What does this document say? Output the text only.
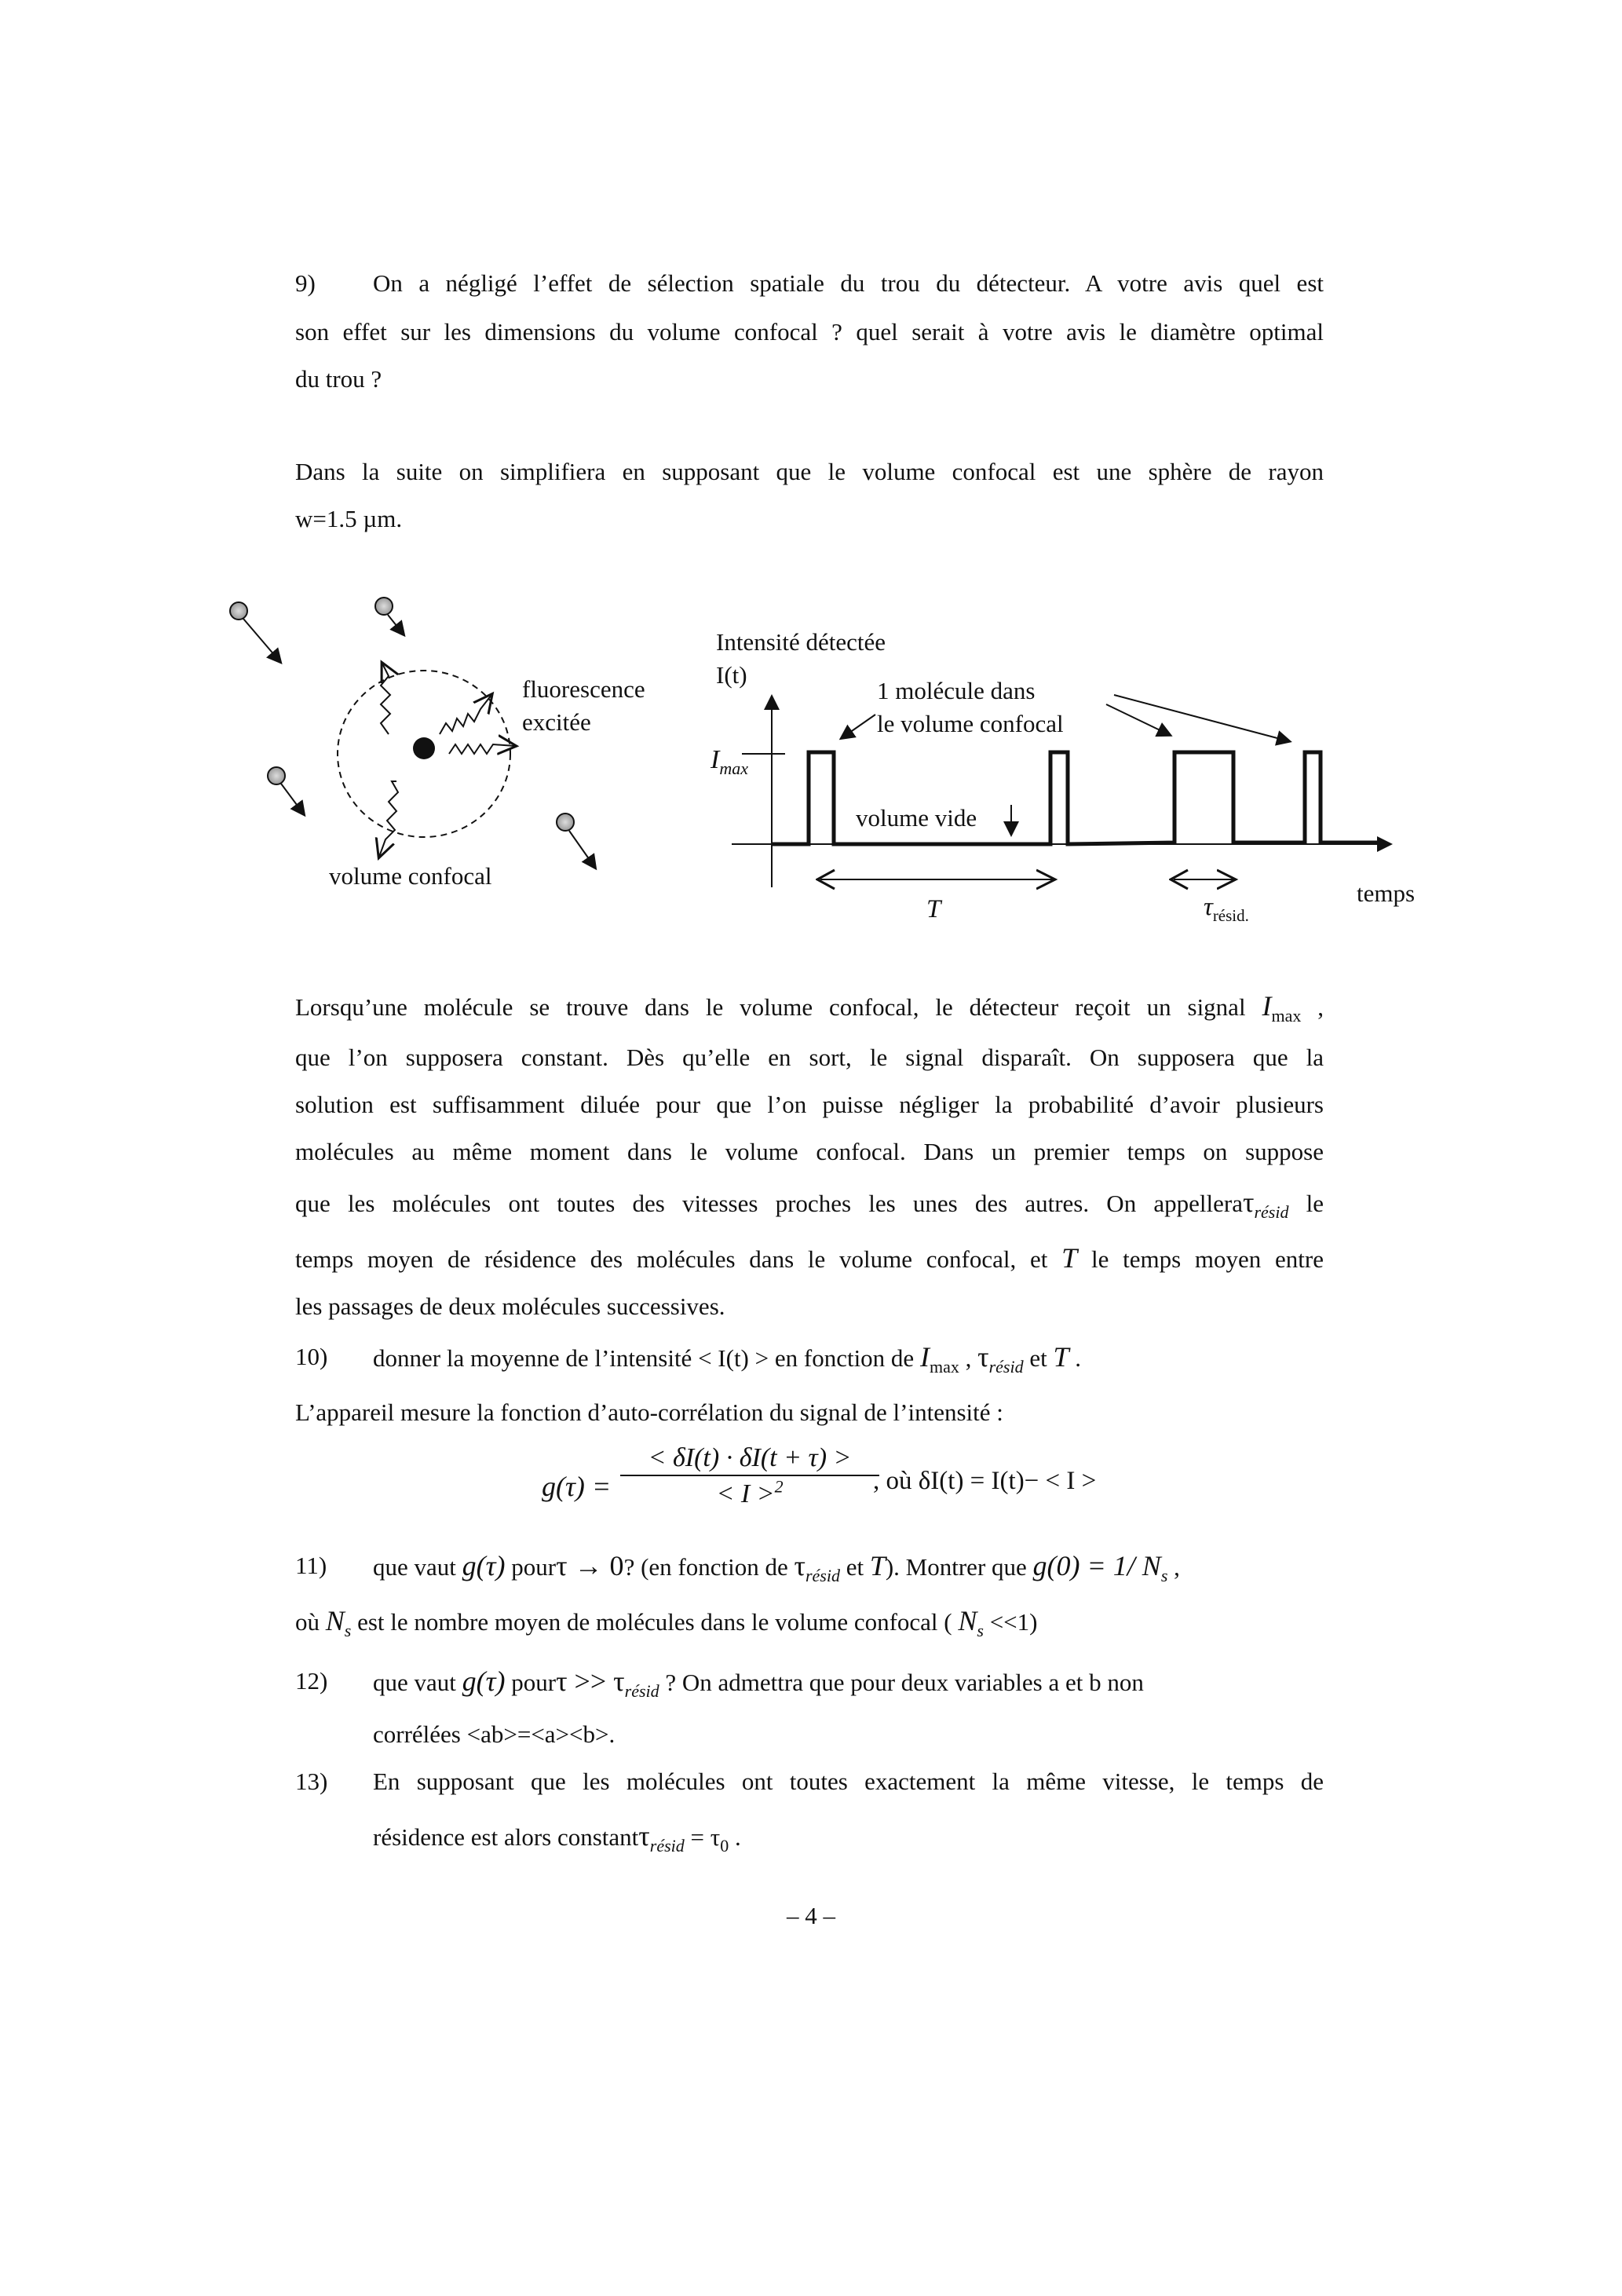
9) On a négligé l’effet de sélection spatiale du trou du détecteur. A votre avis quel est
son effet sur les dimensions du volume confocal ? quel serait à votre avis le diamètre optimal
du trou ?
Dans la suite on simplifiera en supposant que le volume confocal est une sphère de rayon
w=1.5 µm.
fluorescence
excitée
volume confocal
Intensité détectée
I(t)
$I_{max}$
1 molécule dans
le volume confocal
volume vide
T	$\tau_{résid.}$
temps
Lorsqu’une molécule se trouve dans le volume confocal, le détecteur reçoit un signal $I_{max}$ ,
que l’on supposera constant. Dès qu’elle en sort, le signal disparaît. On supposera que la
solution est suffisamment diluée pour que l’on puisse négliger la probabilité d’avoir plusieurs
molécules au même moment dans le volume confocal. Dans un premier temps on suppose
que les molécules ont toutes des vitesses proches les unes des autres. On appelleraτ$_{résid}$ le
temps moyen de résidence des molécules dans le volume confocal, et T le temps moyen entre
les passages de deux molécules successives.
10) donner la moyenne de l’intensité < I(t) > en fonction de $I_{max}$ , $\tau_{résid}$ et T .
L’appareil mesure la fonction d’auto-corrélation du signal de l’intensité :
$g(\tau) = \frac{< \delta I(t) \cdot \delta I(t + \tau) >}{< I >^2}$
, où δI(t) = I(t)− < I >
11) que vaut g(τ) pourτ → 0? (en fonction de $\tau_{résid}$ et T). Montrer que g(0) = 1/ $N_s$ ,
où $N_s$ est le nombre moyen de molécules dans le volume confocal ( $N_s <<1$)
12) que vaut g(τ) pourτ >> $\tau_{résid}$ ? On admettra que pour deux variables a et b non
corrélées <ab>=<a><b>.
13) En supposant que les molécules ont toutes exactement la même vitesse, le temps de
résidence est alors constantτ$_{résid}$ = $\tau_0$ .
– 4 –
